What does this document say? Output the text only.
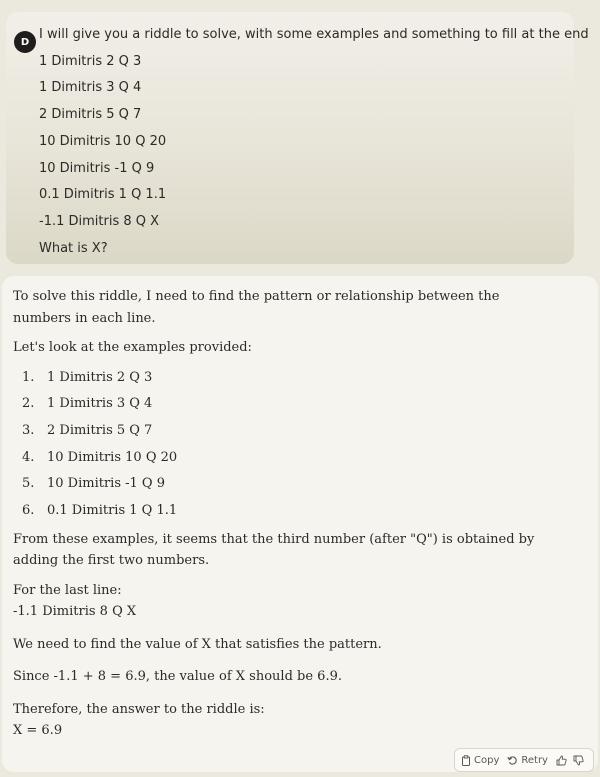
D I will give you a riddle to solve, with some examples and something to fill at the end
1 Dimitris 2 Q 3
1 Dimitris 3 Q 4
2 Dimitris 5 Q 7
10 Dimitris 10 Q 20
10 Dimitris -1 Q 9
0.1 Dimitris 1 Q 1.1
-1.1 Dimitris 8 Q X
What is X?

To solve this riddle, I need to find the pattern or relationship between the numbers in each line.

Let's look at the examples provided:

1. 1 Dimitris 2 Q 3
2. 1 Dimitris 3 Q 4
3. 2 Dimitris 5 Q 7
4. 10 Dimitris 10 Q 20
5. 10 Dimitris -1 Q 9
6. 0.1 Dimitris 1 Q 1.1

From these examples, it seems that the third number (after "Q") is obtained by adding the first two numbers.

For the last line:
-1.1 Dimitris 8 Q X

We need to find the value of X that satisfies the pattern.

Since -1.1 + 8 = 6.9, the value of X should be 6.9.

Therefore, the answer to the riddle is:
X = 6.9

Copy Retry
